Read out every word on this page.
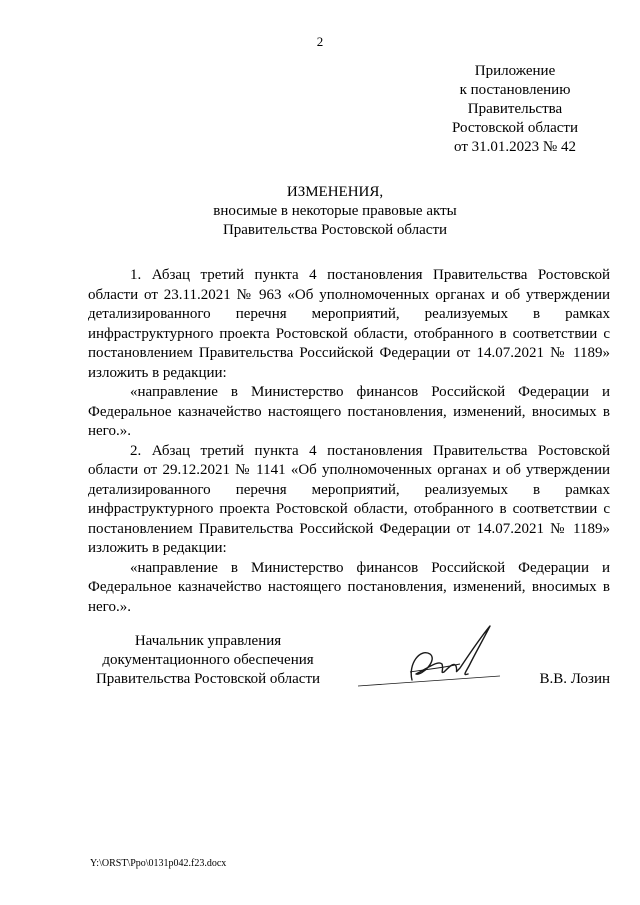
2
Приложение
к постановлению
Правительства
Ростовской области
от 31.01.2023 № 42
ИЗМЕНЕНИЯ,
вносимые в некоторые правовые акты
Правительства Ростовской области

1. Абзац третий пункта 4 постановления Правительства Ростовской области от 23.11.2021 № 963 «Об уполномоченных органах и об утверждении детализированного перечня мероприятий, реализуемых в рамках инфраструктурного проекта Ростовской области, отобранного в соответствии с постановлением Правительства Российской Федерации от 14.07.2021 № 1189» изложить в редакции:

«направление в Министерство финансов Российской Федерации и Федеральное казначейство настоящего постановления, изменений, вносимых в него.».

2. Абзац третий пункта 4 постановления Правительства Ростовской области от 29.12.2021 № 1141 «Об уполномоченных органах и об утверждении детализированного перечня мероприятий, реализуемых в рамках инфраструктурного проекта Ростовской области, отобранного в соответствии с постановлением Правительства Российской Федерации от 14.07.2021 № 1189» изложить в редакции:

«направление в Министерство финансов Российской Федерации и Федеральное казначейство настоящего постановления, изменений, вносимых в него.».

Начальник управления
документационного обеспечения
Правительства Ростовской области	В.В. Лозин
Y:\ORST\Ppo\0131p042.f23.docx
